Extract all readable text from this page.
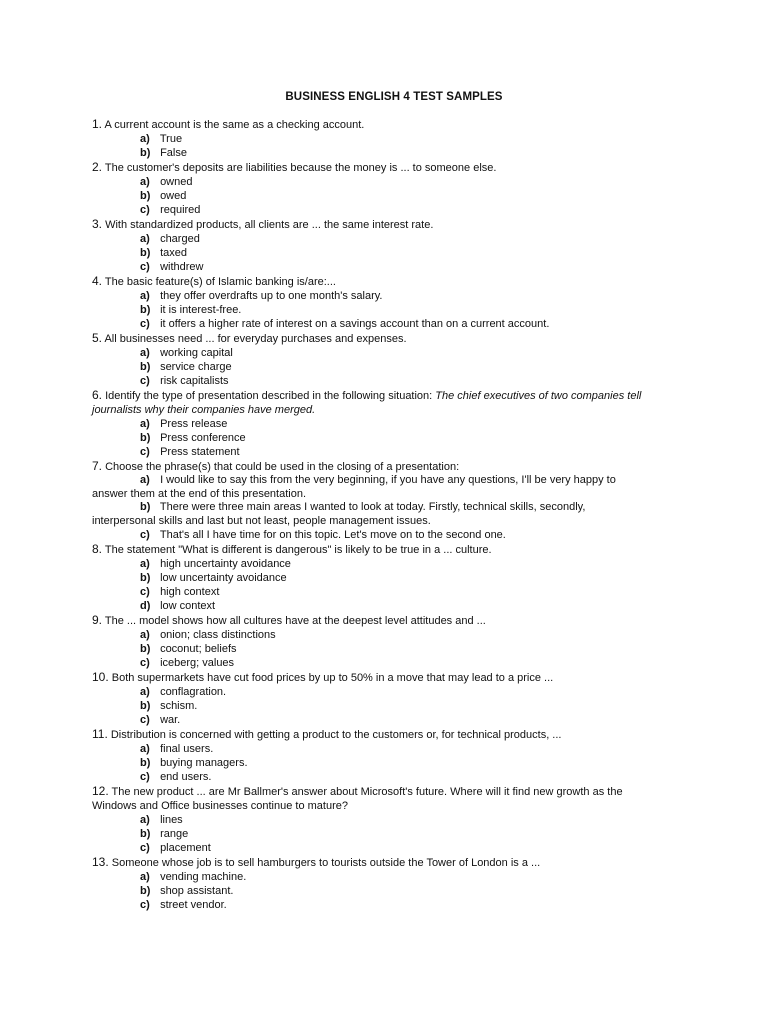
BUSINESS ENGLISH 4 TEST SAMPLES
1. A current account is the same as a checking account.
a) True
b) False
2. The customer's deposits are liabilities because the money is ... to someone else.
a) owned
b) owed
c) required
3. With standardized products, all clients are ... the same interest rate.
a) charged
b) taxed
c) withdrew
4. The basic feature(s) of Islamic banking is/are:...
a) they offer overdrafts up to one month's salary.
b) it is interest-free.
c) it offers a higher rate of interest on a savings account than on a current account.
5. All businesses need ... for everyday purchases and expenses.
a) working capital
b) service charge
c) risk capitalists
6. Identify the type of presentation described in the following situation: The chief executives of two companies tell
journalists why their companies have merged.
a) Press release
b) Press conference
c) Press statement
7. Choose the phrase(s) that could be used in the closing of a presentation:
a) I would like to say this from the very beginning, if you have any questions, I'll be very happy to
answer them at the end of this presentation.
b) There were three main areas I wanted to look at today. Firstly, technical skills, secondly,
interpersonal skills and last but not least, people management issues.
c) That's all I have time for on this topic. Let's move on to the second one.
8. The statement "What is different is dangerous" is likely to be true in a ... culture.
a) high uncertainty avoidance
b) low uncertainty avoidance
c) high context
d) low context
9. The ... model shows how all cultures have at the deepest level attitudes and ...
a) onion; class distinctions
b) coconut; beliefs
c) iceberg; values
10. Both supermarkets have cut food prices by up to 50% in a move that may lead to a price ...
a) conflagration.
b) schism.
c) war.
11. Distribution is concerned with getting a product to the customers or, for technical products, ...
a) final users.
b) buying managers.
c) end users.
12. The new product ... are Mr Ballmer's answer about Microsoft's future. Where will it find new growth as the
Windows and Office businesses continue to mature?
a) lines
b) range
c) placement
13. Someone whose job is to sell hamburgers to tourists outside the Tower of London is a ...
a) vending machine.
b) shop assistant.
c) street vendor.
